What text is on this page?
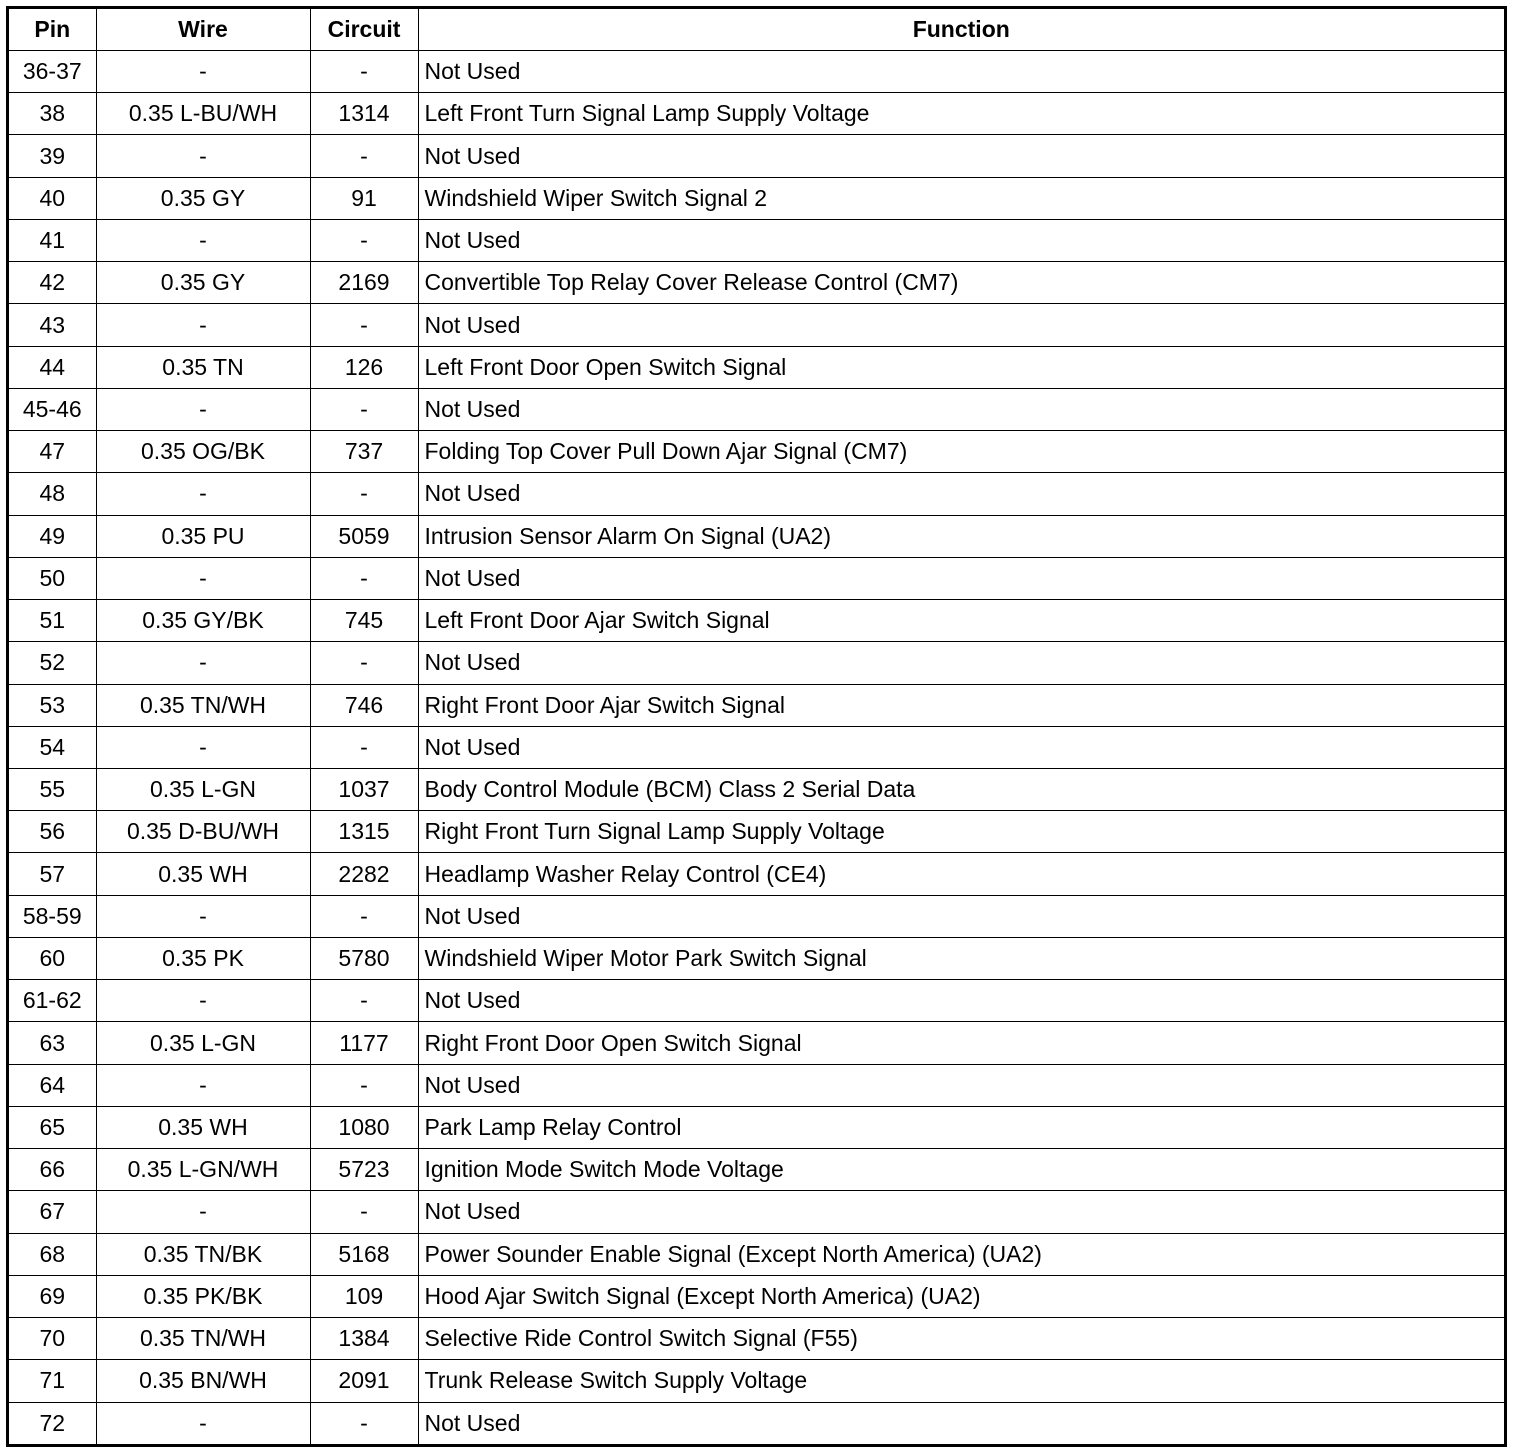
Pin	Wire	Circuit	Function
36-37	-	-	Not Used
38	0.35 L-BU/WH	1314	Left Front Turn Signal Lamp Supply Voltage
39	-	-	Not Used
40	0.35 GY	91	Windshield Wiper Switch Signal 2
41	-	-	Not Used
42	0.35 GY	2169	Convertible Top Relay Cover Release Control (CM7)
43	-	-	Not Used
44	0.35 TN	126	Left Front Door Open Switch Signal
45-46	-	-	Not Used
47	0.35 OG/BK	737	Folding Top Cover Pull Down Ajar Signal (CM7)
48	-	-	Not Used
49	0.35 PU	5059	Intrusion Sensor Alarm On Signal (UA2)
50	-	-	Not Used
51	0.35 GY/BK	745	Left Front Door Ajar Switch Signal
52	-	-	Not Used
53	0.35 TN/WH	746	Right Front Door Ajar Switch Signal
54	-	-	Not Used
55	0.35 L-GN	1037	Body Control Module (BCM) Class 2 Serial Data
56	0.35 D-BU/WH	1315	Right Front Turn Signal Lamp Supply Voltage
57	0.35 WH	2282	Headlamp Washer Relay Control (CE4)
58-59	-	-	Not Used
60	0.35 PK	5780	Windshield Wiper Motor Park Switch Signal
61-62	-	-	Not Used
63	0.35 L-GN	1177	Right Front Door Open Switch Signal
64	-	-	Not Used
65	0.35 WH	1080	Park Lamp Relay Control
66	0.35 L-GN/WH	5723	Ignition Mode Switch Mode Voltage
67	-	-	Not Used
68	0.35 TN/BK	5168	Power Sounder Enable Signal (Except North America) (UA2)
69	0.35 PK/BK	109	Hood Ajar Switch Signal (Except North America) (UA2)
70	0.35 TN/WH	1384	Selective Ride Control Switch Signal (F55)
71	0.35 BN/WH	2091	Trunk Release Switch Supply Voltage
72	-	-	Not Used
